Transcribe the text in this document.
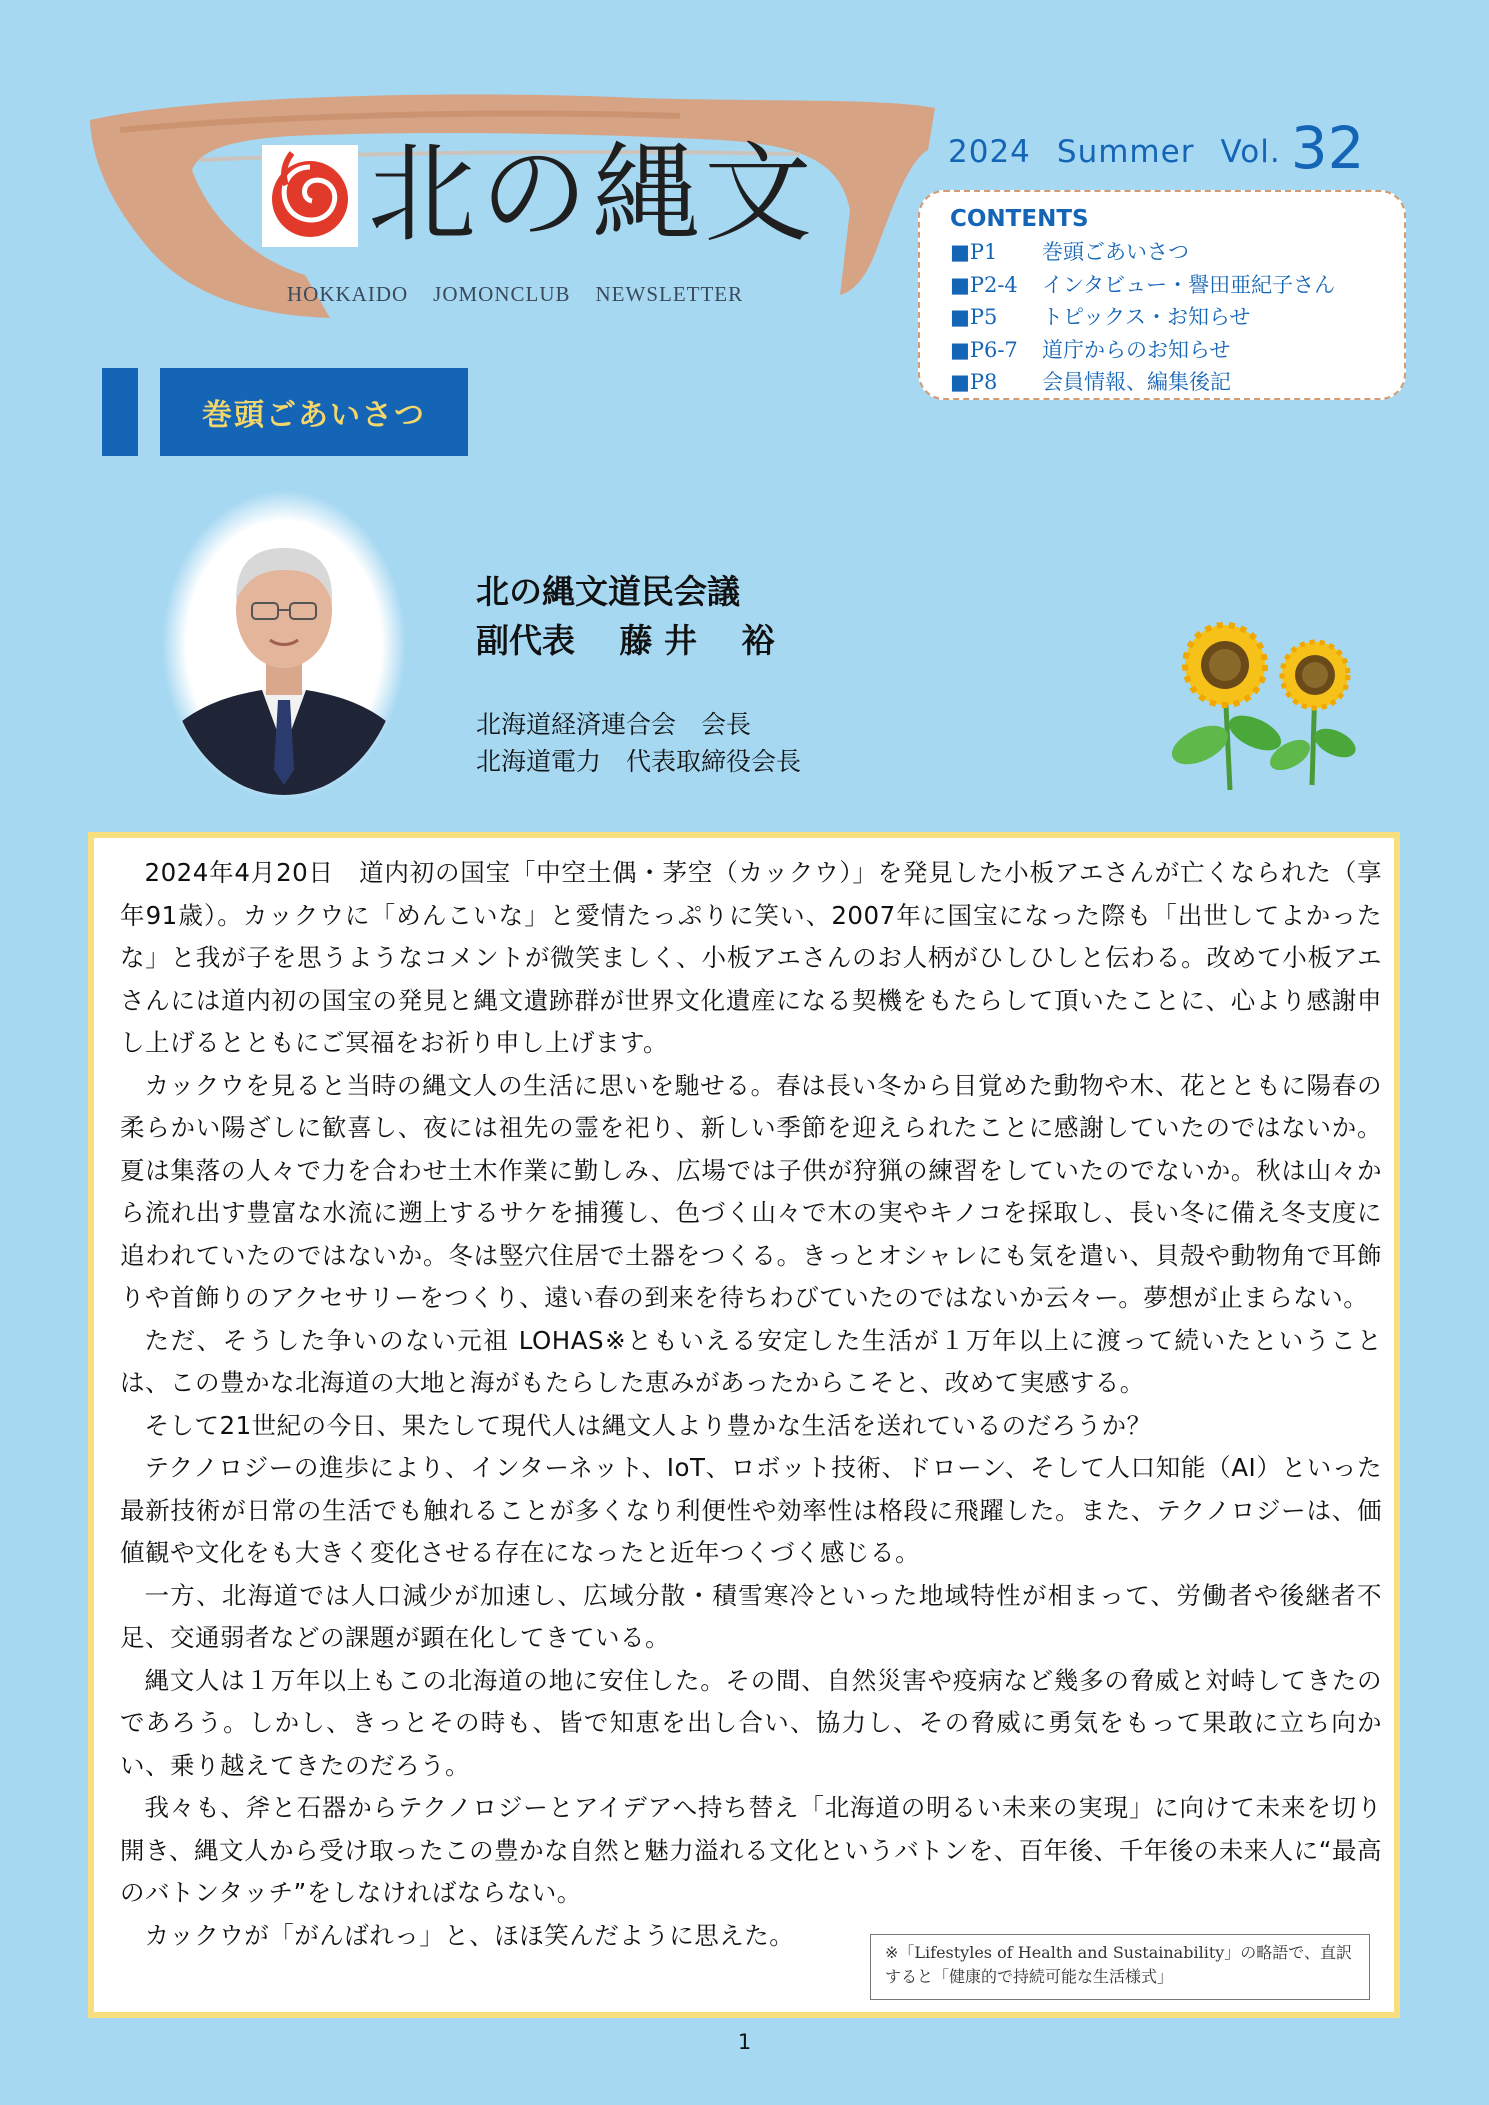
北の縄文
HOKKAIDO    JOMONCLUB    NEWSLETTER
2024 Summer Vol. 32
CONTENTS
■P1 巻頭ごあいさつ
■P2-4 インタビュー・譽田亜紀子さん
■P5 トピックス・お知らせ
■P6-7 道庁からのお知らせ
■P8 会員情報、編集後記
巻頭ごあいさつ
北の縄文道民会議
副代表　 藤 井　 裕
北海道経済連合会　会長
北海道電力　代表取締役会長

2024年4月20日　道内初の国宝「中空土偶・茅空（カックウ）」を発見した小板アエさんが亡くなられた（享年91歳）。カックウに「めんこいな」と愛情たっぷりに笑い、2007年に国宝になった際も「出世してよかったな」と我が子を思うようなコメントが微笑ましく、小板アエさんのお人柄がひしひしと伝わる。改めて小板アエさんには道内初の国宝の発見と縄文遺跡群が世界文化遺産になる契機をもたらして頂いたことに、心より感謝申し上げるとともにご冥福をお祈り申し上げます。

カックウを見ると当時の縄文人の生活に思いを馳せる。春は長い冬から目覚めた動物や木、花とともに陽春の柔らかい陽ざしに歓喜し、夜には祖先の霊を祀り、新しい季節を迎えられたことに感謝していたのではないか。夏は集落の人々で力を合わせ土木作業に勤しみ、広場では子供が狩猟の練習をしていたのでないか。秋は山々から流れ出す豊富な水流に遡上するサケを捕獲し、色づく山々で木の実やキノコを採取し、長い冬に備え冬支度に追われていたのではないか。冬は竪穴住居で土器をつくる。きっとオシャレにも気を遣い、貝殻や動物角で耳飾りや首飾りのアクセサリーをつくり、遠い春の到来を待ちわびていたのではないか云々ー。夢想が止まらない。

ただ、そうした争いのない元祖 LOHAS※ともいえる安定した生活が１万年以上に渡って続いたということは、この豊かな北海道の大地と海がもたらした恵みがあったからこそと、改めて実感する。

そして21世紀の今日、果たして現代人は縄文人より豊かな生活を送れているのだろうか？

テクノロジーの進歩により、インターネット、IoT、ロボット技術、ドローン、そして人口知能（AI）といった最新技術が日常の生活でも触れることが多くなり利便性や効率性は格段に飛躍した。また、テクノロジーは、価値観や文化をも大きく変化させる存在になったと近年つくづく感じる。

一方、北海道では人口減少が加速し、広域分散・積雪寒冷といった地域特性が相まって、労働者や後継者不足、交通弱者などの課題が顕在化してきている。

縄文人は１万年以上もこの北海道の地に安住した。その間、自然災害や疫病など幾多の脅威と対峙してきたのであろう。しかし、きっとその時も、皆で知恵を出し合い、協力し、その脅威に勇気をもって果敢に立ち向かい、乗り越えてきたのだろう。

我々も、斧と石器からテクノロジーとアイデアへ持ち替え「北海道の明るい未来の実現」に向けて未来を切り開き、縄文人から受け取ったこの豊かな自然と魅力溢れる文化というバトンを、百年後、千年後の未来人に“最高のバトンタッチ”をしなければならない。

カックウが「がんばれっ」と、ほほ笑んだように思えた。

※「Lifestyles of Health and Sustainability」の略語で、直訳すると「健康的で持続可能な生活様式」
1
